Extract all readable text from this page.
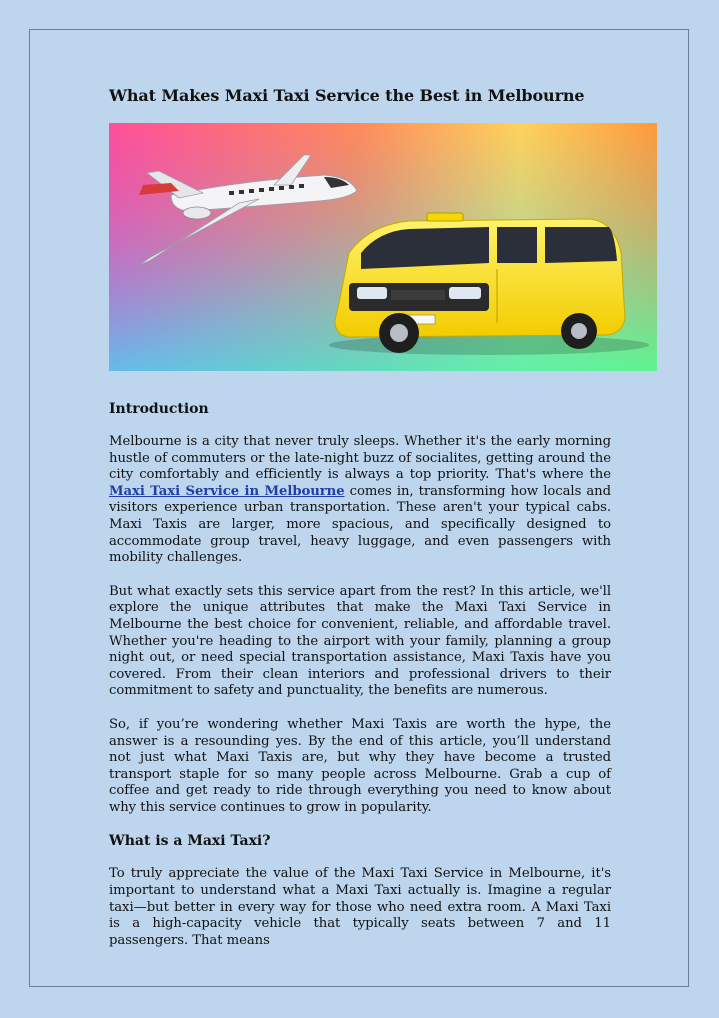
What Makes Maxi Taxi Service the Best in Melbourne
Introduction

Melbourne is a city that never truly sleeps. Whether it's the early morning hustle of commuters or the late-night buzz of socialites, getting around the city comfortably and efficiently is always a top priority. That's where the Maxi Taxi Service in Melbourne comes in, transforming how locals and visitors experience urban transportation. These aren't your typical cabs. Maxi Taxis are larger, more spacious, and specifically designed to accommodate group travel, heavy luggage, and even passengers with mobility challenges.

But what exactly sets this service apart from the rest? In this article, we'll explore the unique attributes that make the Maxi Taxi Service in Melbourne the best choice for convenient, reliable, and affordable travel. Whether you're heading to the airport with your family, planning a group night out, or need special transportation assistance, Maxi Taxis have you covered. From their clean interiors and professional drivers to their commitment to safety and punctuality, the benefits are numerous.

So, if you’re wondering whether Maxi Taxis are worth the hype, the answer is a resounding yes. By the end of this article, you’ll understand not just what Maxi Taxis are, but why they have become a trusted transport staple for so many people across Melbourne. Grab a cup of coffee and get ready to ride through everything you need to know about why this service continues to grow in popularity.

What is a Maxi Taxi?

To truly appreciate the value of the Maxi Taxi Service in Melbourne, it's important to understand what a Maxi Taxi actually is. Imagine a regular taxi—but better in every way for those who need extra room. A Maxi Taxi is a high-capacity vehicle that typically seats between 7 and 11 passengers. That means
